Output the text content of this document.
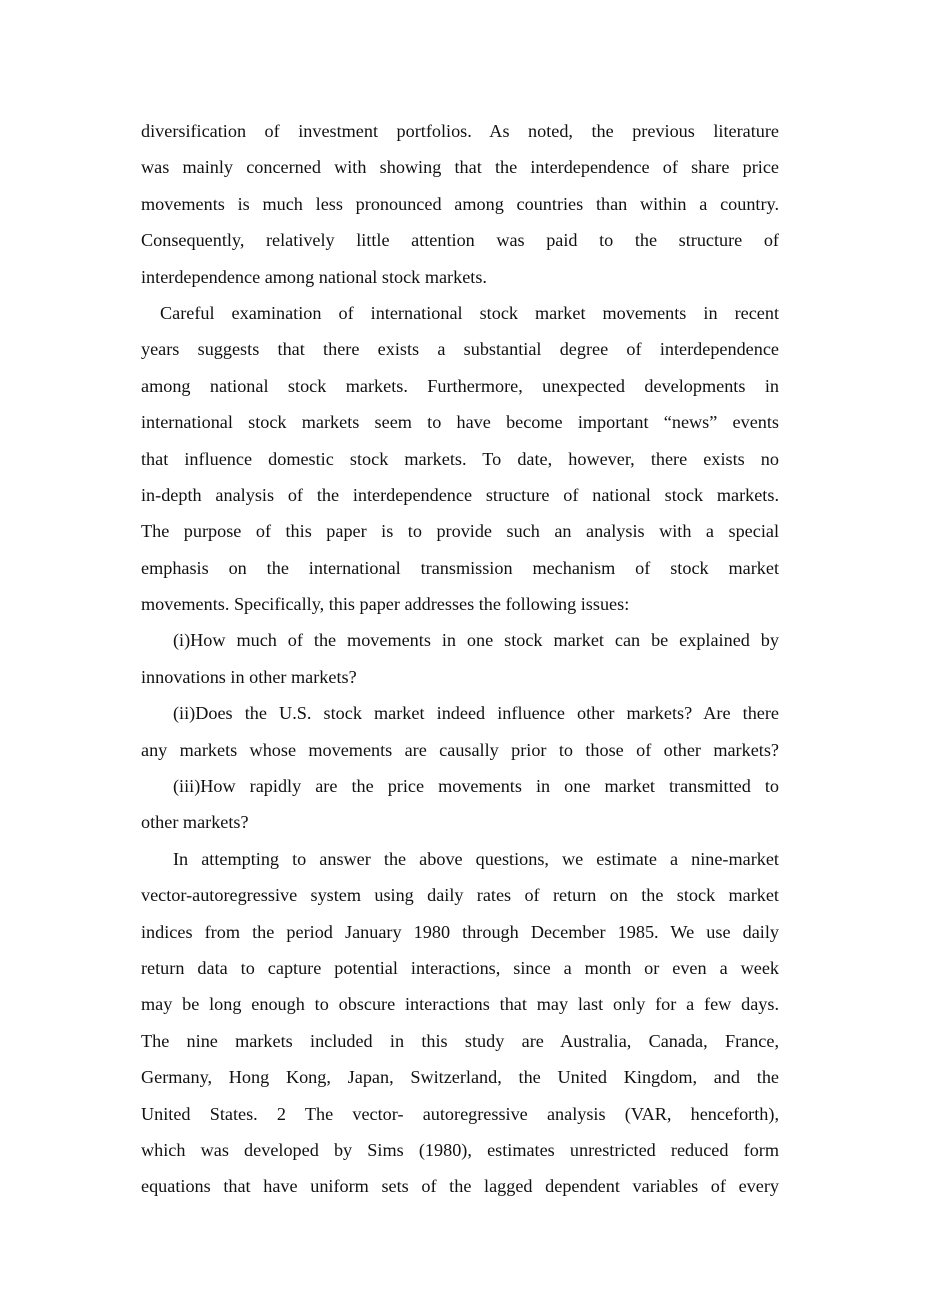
diversification of investment portfolios. As noted, the previous literature
was mainly concerned with showing that the interdependence of share price
movements is much less pronounced among countries than within a country.
Consequently, relatively little attention was paid to the structure of
interdependence among national stock markets.
Careful examination of international stock market movements in recent
years suggests that there exists a substantial degree of interdependence
among national stock markets. Furthermore, unexpected developments in
international stock markets seem to have become important “news” events
that influence domestic stock markets. To date, however, there exists no
in-depth analysis of the interdependence structure of national stock markets.
The purpose of this paper is to provide such an analysis with a special
emphasis on the international transmission mechanism of stock market
movements. Specifically, this paper addresses the following issues:
(i)How much of the movements in one stock market can be explained by
innovations in other markets?
(ii)Does the U.S. stock market indeed influence other markets? Are there
any markets whose movements are causally prior to those of other markets?
(iii)How rapidly are the price movements in one market transmitted to
other markets?
In attempting to answer the above questions, we estimate a nine-market
vector-autoregressive system using daily rates of return on the stock market
indices from the period January 1980 through December 1985. We use daily
return data to capture potential interactions, since a month or even a week
may be long enough to obscure interactions that may last only for a few days.
The nine markets included in this study are Australia, Canada, France,
Germany, Hong Kong, Japan, Switzerland, the United Kingdom, and the
United States. 2 The vector- autoregressive analysis (VAR, henceforth),
which was developed by Sims (1980), estimates unrestricted reduced form
equations that have uniform sets of the lagged dependent variables of every
